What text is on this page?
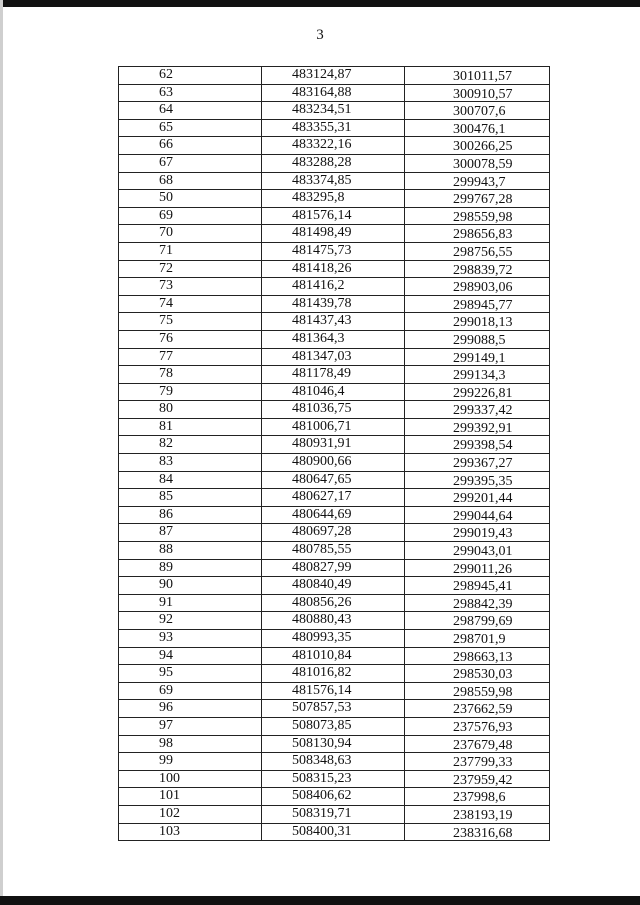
3
62	483124,87	301011,57
63	483164,88	300910,57
64	483234,51	300707,6
65	483355,31	300476,1
66	483322,16	300266,25
67	483288,28	300078,59
68	483374,85	299943,7
50	483295,8	299767,28
69	481576,14	298559,98
70	481498,49	298656,83
71	481475,73	298756,55
72	481418,26	298839,72
73	481416,2	298903,06
74	481439,78	298945,77
75	481437,43	299018,13
76	481364,3	299088,5
77	481347,03	299149,1
78	481178,49	299134,3
79	481046,4	299226,81
80	481036,75	299337,42
81	481006,71	299392,91
82	480931,91	299398,54
83	480900,66	299367,27
84	480647,65	299395,35
85	480627,17	299201,44
86	480644,69	299044,64
87	480697,28	299019,43
88	480785,55	299043,01
89	480827,99	299011,26
90	480840,49	298945,41
91	480856,26	298842,39
92	480880,43	298799,69
93	480993,35	298701,9
94	481010,84	298663,13
95	481016,82	298530,03
69	481576,14	298559,98
96	507857,53	237662,59
97	508073,85	237576,93
98	508130,94	237679,48
99	508348,63	237799,33
100	508315,23	237959,42
101	508406,62	237998,6
102	508319,71	238193,19
103	508400,31	238316,68
